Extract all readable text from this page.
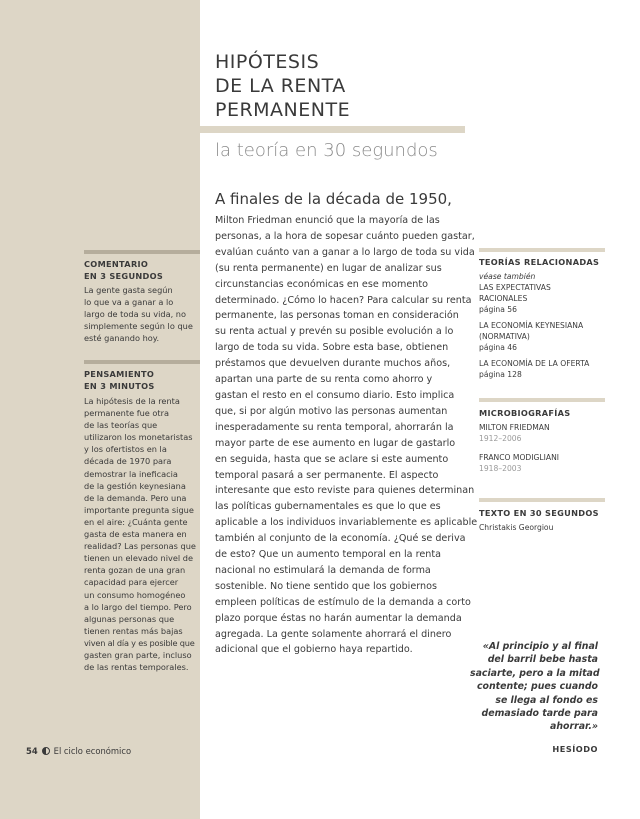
HIPÓTESIS
DE LA RENTA
PERMANENTE
la teoría en 30 segundos
A finales de la década de 1950,
Milton Friedman enunció que la mayoría de las
personas, a la hora de sopesar cuánto pueden gastar,
evalúan cuánto van a ganar a lo largo de toda su vida
(su renta permanente) en lugar de analizar sus
circunstancias económicas en ese momento
determinado. ¿Cómo lo hacen? Para calcular su renta
permanente, las personas toman en consideración
su renta actual y prevén su posible evolución a lo
largo de toda su vida. Sobre esta base, obtienen
préstamos que devuelven durante muchos años,
apartan una parte de su renta como ahorro y
gastan el resto en el consumo diario. Esto implica
que, si por algún motivo las personas aumentan
inesperadamente su renta temporal, ahorrarán la
mayor parte de ese aumento en lugar de gastarlo
en seguida, hasta que se aclare si este aumento
temporal pasará a ser permanente. El aspecto
interesante que esto reviste para quienes determinan
las políticas gubernamentales es que lo que es
aplicable a los individuos invariablemente es aplicable
también al conjunto de la economía. ¿Qué se deriva
de esto? Que un aumento temporal en la renta
nacional no estimulará la demanda de forma
sostenible. No tiene sentido que los gobiernos
empleen políticas de estímulo de la demanda a corto
plazo porque éstas no harán aumentar la demanda
agregada. La gente solamente ahorrará el dinero
adicional que el gobierno haya repartido.
COMENTARIO
EN 3 SEGUNDOS
La gente gasta según
lo que va a ganar a lo
largo de toda su vida, no
simplemente según lo que
esté ganando hoy.
PENSAMIENTO
EN 3 MINUTOS
La hipótesis de la renta
permanente fue otra
de las teorías que
utilizaron los monetaristas
y los ofertistos en la
década de 1970 para
demostrar la ineficacia
de la gestión keynesiana
de la demanda. Pero una
importante pregunta sigue
en el aire: ¿Cuánta gente
gasta de esta manera en
realidad? Las personas que
tienen un elevado nivel de
renta gozan de una gran
capacidad para ejercer
un consumo homogéneo
a lo largo del tiempo. Pero
algunas personas que
tienen rentas más bajas
viven al día y es posible que
gasten gran parte, incluso
de las rentas temporales.
TEORÍAS RELACIONADAS
véase también
LAS EXPECTATIVAS
RACIONALES
página 56
LA ECONOMÍA KEYNESIANA
(NORMATIVA)
página 46
LA ECONOMÍA DE LA OFERTA
página 128
MICROBIOGRAFÍAS
MILTON FRIEDMAN
1912–2006
FRANCO MODIGLIANI
1918–2003
TEXTO EN 30 SEGUNDOS
Christakis Georgiou
«Al principio y al final
del barril bebe hasta
saciarte, pero a la mitad
contente; pues cuando
se llega al fondo es
demasiado tarde para
ahorrar.»
HESÍODO
54 El ciclo económico
